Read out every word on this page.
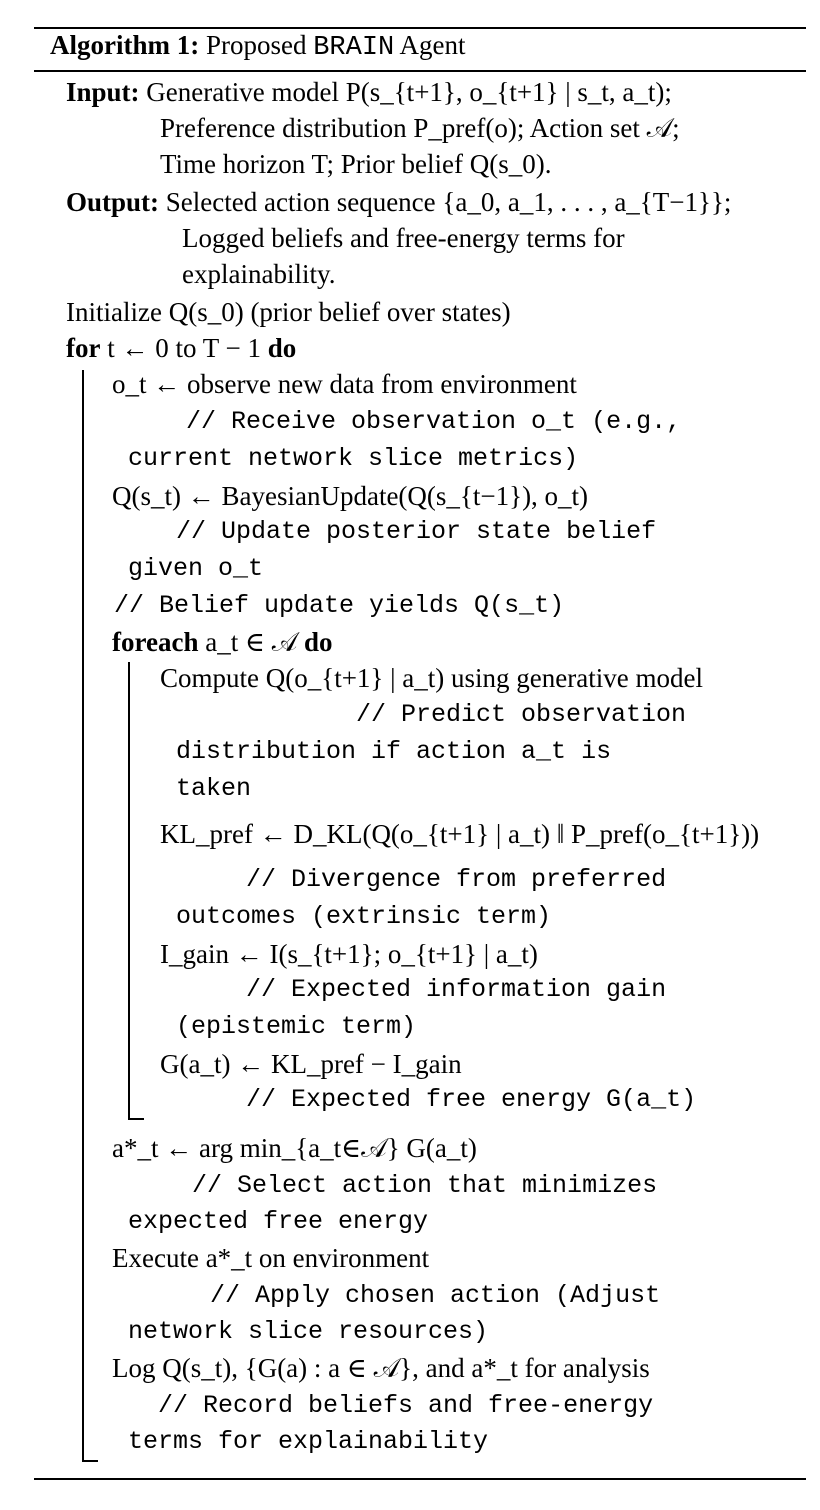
Algorithm 1: Proposed BRAIN Agent
Input: Generative model P(s_{t+1}, o_{t+1} | s_t, a_t);
Preference distribution P_pref(o); Action set 𝒜;
Time horizon T; Prior belief Q(s_0).
Output: Selected action sequence {a_0, a_1, . . . , a_{T−1}};
Logged beliefs and free-energy terms for
explainability.
Initialize Q(s_0) (prior belief over states)
for t ← 0 to T − 1 do
o_t ← observe new data from environment
// Receive observation o_t (e.g.,
current network slice metrics)
Q(s_t) ← BayesianUpdate(Q(s_{t−1}), o_t)
// Update posterior state belief
given o_t
// Belief update yields Q(s_t)
foreach a_t ∈ 𝒜 do
Compute Q(o_{t+1} | a_t) using generative model
// Predict observation
distribution if action a_t is
taken
KL_pref ← D_KL(Q(o_{t+1} | a_t) ‖ P_pref(o_{t+1}))
// Divergence from preferred
outcomes (extrinsic term)
I_gain ← I(s_{t+1}; o_{t+1} | a_t)
// Expected information gain
(epistemic term)
G(a_t) ← KL_pref − I_gain
// Expected free energy G(a_t)
a*_t ← arg min_{a_t∈𝒜} G(a_t)
// Select action that minimizes
expected free energy
Execute a*_t on environment
// Apply chosen action (Adjust
network slice resources)
Log Q(s_t), {G(a) : a ∈ 𝒜}, and a*_t for analysis
// Record beliefs and free-energy
terms for explainability
